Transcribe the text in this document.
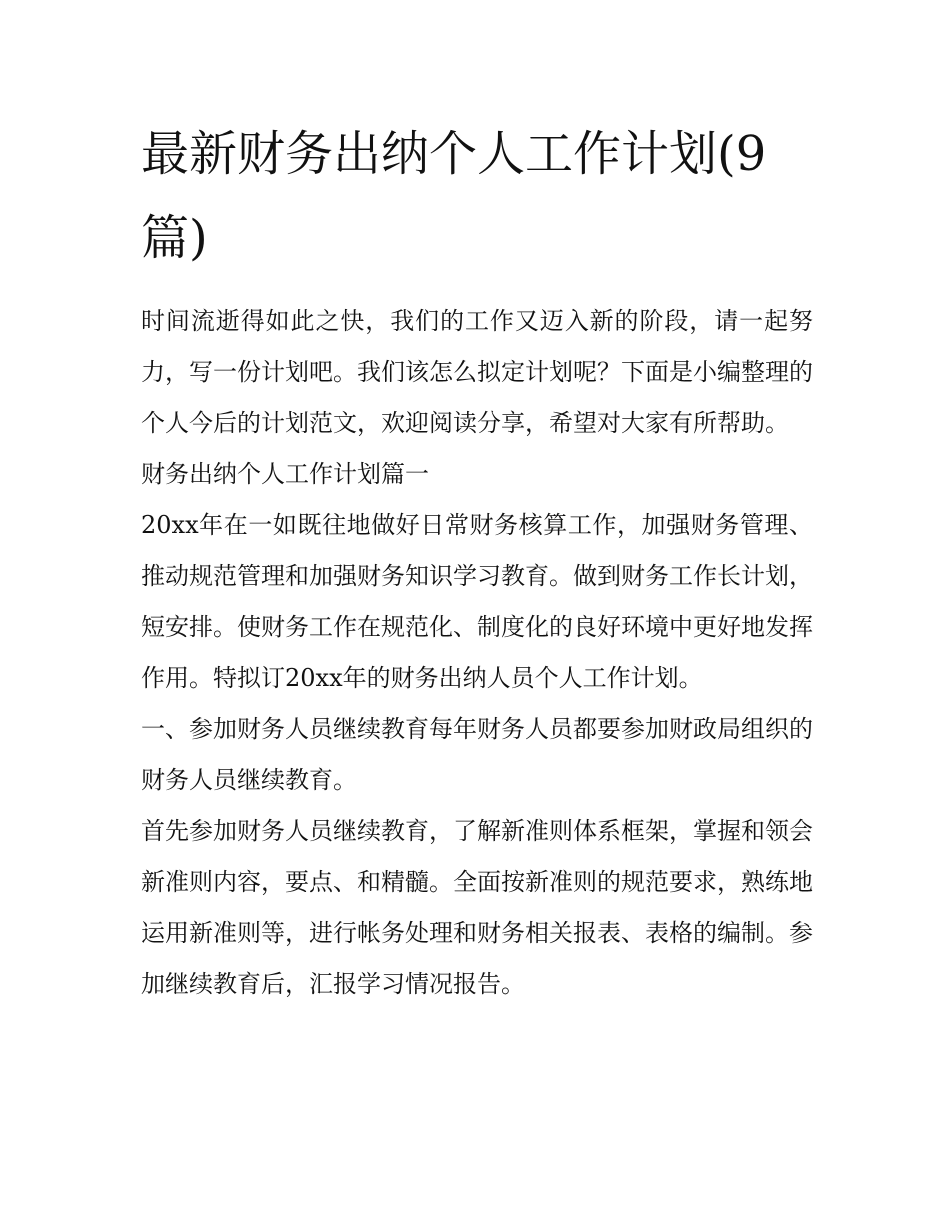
最新财务出纳个人工作计划(9篇)

时间流逝得如此之快，我们的工作又迈入新的阶段，请一起努力，写一份计划吧。我们该怎么拟定计划呢？下面是小编整理的个人今后的计划范文，欢迎阅读分享，希望对大家有所帮助。

财务出纳个人工作计划篇一

20xx年在一如既往地做好日常财务核算工作，加强财务管理、推动规范管理和加强财务知识学习教育。做到财务工作长计划，短安排。使财务工作在规范化、制度化的良好环境中更好地发挥作用。特拟订20xx年的财务出纳人员个人工作计划。

一、参加财务人员继续教育每年财务人员都要参加财政局组织的财务人员继续教育。

首先参加财务人员继续教育，了解新准则体系框架，掌握和领会新准则内容，要点、和精髓。全面按新准则的规范要求，熟练地运用新准则等，进行帐务处理和财务相关报表、表格的编制。参加继续教育后，汇报学习情况报告。
